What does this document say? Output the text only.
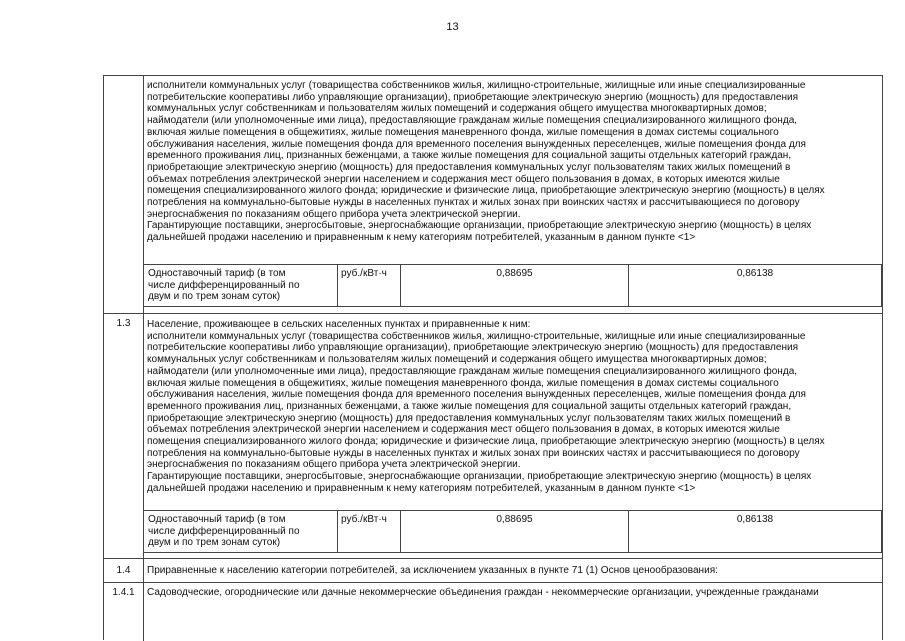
13
исполнители коммунальных услуг (товарищества собственников жилья, жилищно-строительные, жилищные или иные специализированные
потребительские кооперативы либо управляющие организации), приобретающие электрическую энергию (мощность) для предоставления
коммунальных услуг собственникам и пользователям жилых помещений и содержания общего имущества многоквартирных домов;
наймодатели (или уполномоченные ими лица), предоставляющие гражданам жилые помещения специализированного жилищного фонда,
включая жилые помещения в общежитиях, жилые помещения маневренного фонда, жилые помещения в домах системы социального
обслуживания населения, жилые помещения фонда для временного поселения вынужденных переселенцев, жилые помещения фонда для
временного проживания лиц, признанных беженцами, а также жилые помещения для социальной защиты отдельных категорий граждан,
приобретающие электрическую энергию (мощность) для предоставления коммунальных услуг пользователям таких жилых помещений в
объемах потребления электрической энергии населением и содержания мест общего пользования в домах, в которых имеются жилые
помещения специализированного жилого фонда; юридические и физические лица, приобретающие электрическую энергию (мощность) в целях
потребления на коммунально-бытовые нужды в населенных пунктах и жилых зонах при воинских частях и рассчитывающиеся по договору
энергоснабжения по показаниям общего прибора учета электрической энергии.
Гарантирующие поставщики, энергосбытовые, энергоснабжающие организации, приобретающие электрическую энергию (мощность) в целях
дальнейшей продажи населению и приравненным к нему категориям потребителей, указанным в данном пункте <1>
Одноставочный тариф (в том
числе дифференцированный по
двум и по трем зонам суток)
руб./кВт·ч	0,88695	0,86138
1.3	Население, проживающее в сельских населенных пунктах и приравненные к ним:
исполнители коммунальных услуг (товарищества собственников жилья, жилищно-строительные, жилищные или иные специализированные
потребительские кооперативы либо управляющие организации), приобретающие электрическую энергию (мощность) для предоставления
коммунальных услуг собственникам и пользователям жилых помещений и содержания общего имущества многоквартирных домов;
наймодатели (или уполномоченные ими лица), предоставляющие гражданам жилые помещения специализированного жилищного фонда,
включая жилые помещения в общежитиях, жилые помещения маневренного фонда, жилые помещения в домах системы социального
обслуживания населения, жилые помещения фонда для временного поселения вынужденных переселенцев, жилые помещения фонда для
временного проживания лиц, признанных беженцами, а также жилые помещения для социальной защиты отдельных категорий граждан,
приобретающие электрическую энергию (мощность) для предоставления коммунальных услуг пользователям таких жилых помещений в
объемах потребления электрической энергии населением и содержания мест общего пользования в домах, в которых имеются жилые
помещения специализированного жилого фонда; юридические и физические лица, приобретающие электрическую энергию (мощность) в целях
потребления на коммунально-бытовые нужды в населенных пунктах и жилых зонах при воинских частях и рассчитывающиеся по договору
энергоснабжения по показаниям общего прибора учета электрической энергии.
Гарантирующие поставщики, энергосбытовые, энергоснабжающие организации, приобретающие электрическую энергию (мощность) в целях
дальнейшей продажи населению и приравненным к нему категориям потребителей, указанным в данном пункте <1>
Одноставочный тариф (в том
числе дифференцированный по
двум и по трем зонам суток)
руб./кВт·ч	0,88695	0,86138
1.4	Приравненные к населению категории потребителей, за исключением указанных в пункте 71 (1) Основ ценообразования:
1.4.1	Садоводческие, огороднические или дачные некоммерческие объединения граждан - некоммерческие организации, учрежденные гражданами
